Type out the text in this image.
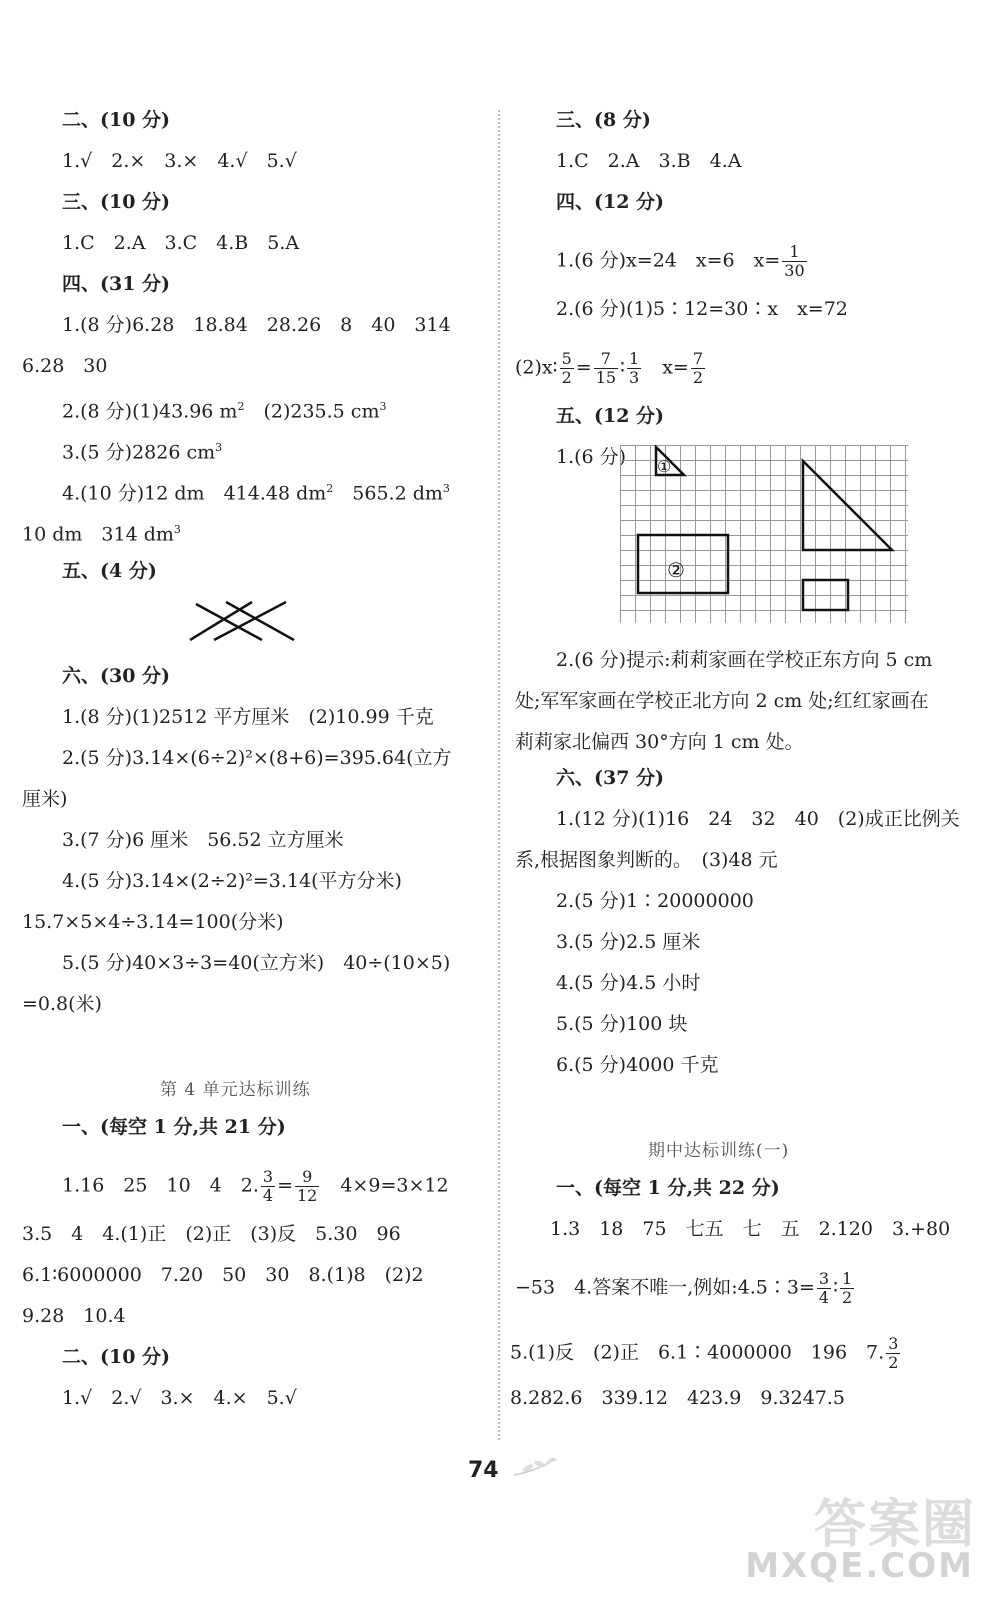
二、(10 分)
1.√　2.×　3.×　4.√　5.√
三、(10 分)
1.C　2.A　3.C　4.B　5.A
四、(31 分)
1.(8 分)6.28　18.84　28.26　8　40　314
6.28　30
2.(8 分)(1)43.96 $m^2$　(2)235.5 $cm^3$
3.(5 分)2826 $cm^3$
4.(10 分)12 dm　414.48 $dm^2$　565.2 $dm^3$
10 dm　314 $dm^3$
五、(4 分)
六、(30 分)
1.(8 分)(1)2512 平方厘米　(2)10.99 千克
2.(5 分)3.14×(6÷2)²×(8+6)=395.64(立方
厘米)
3.(7 分)6 厘米　56.52 立方厘米
4.(5 分)3.14×(2÷2)²=3.14(平方分米)
15.7×5×4÷3.14=100(分米)
5.(5 分)40×3÷3=40(立方米)　40÷(10×5)
=0.8(米)
第 4 单元达标训练
一、(每空 1 分,共 21 分)
1.16　25　10　4　2. $\frac{3}{4} = \frac{9}{12}$ 　4×9=3×12
3.5　4　4.(1)正　(2)正　(3)反　5.30　96
6.1∶6000000　7.20　50　30　8.(1)8　(2)2
9.28　10.4
二、(10 分)
1.√　2.√　3.×　4.×　5.√
三、(8 分)
1.C　2.A　3.B　4.A
四、(12 分)
1.(6 分)x=24　x=6　$x= \frac{1}{30}$
2.(6 分)(1)5∶12=30∶x　x=72
(2)x∶ $\frac{5}{2} = \frac{7}{15}$ ∶ $\frac{1}{3}$ 　$x= \frac{7}{2}$
五、(12 分)
1.(6 分) ①
②
2.(6 分)提示:莉莉家画在学校正东方向 5 cm
处;军军家画在学校正北方向 2 cm 处;红红家画在
莉莉家北偏西 30°方向 1 cm 处。
六、(37 分)
1.(12 分)(1)16　24　32　40　(2)成正比例关
系,根据图象判断的。　(3)48 元
2.(5 分)1∶20000000
3.(5 分)2.5 厘米
4.(5 分)4.5 小时
5.(5 分)100 块
6.(5 分)4000 千克
期中达标训练(一)
一、(每空 1 分,共 22 分)
1.3　18　75　七五　七　五　2.120　3.+80
−53　4.答案不唯一,例如:4.5∶3= $\frac{3}{4}$ ∶ $\frac{1}{2}$
5.(1)反　(2)正　6.1∶4000000　196　7. $\frac{3}{2}$
8.282.6　339.12　423.9　9.3247.5
74
答案圈
MXQE.COM
